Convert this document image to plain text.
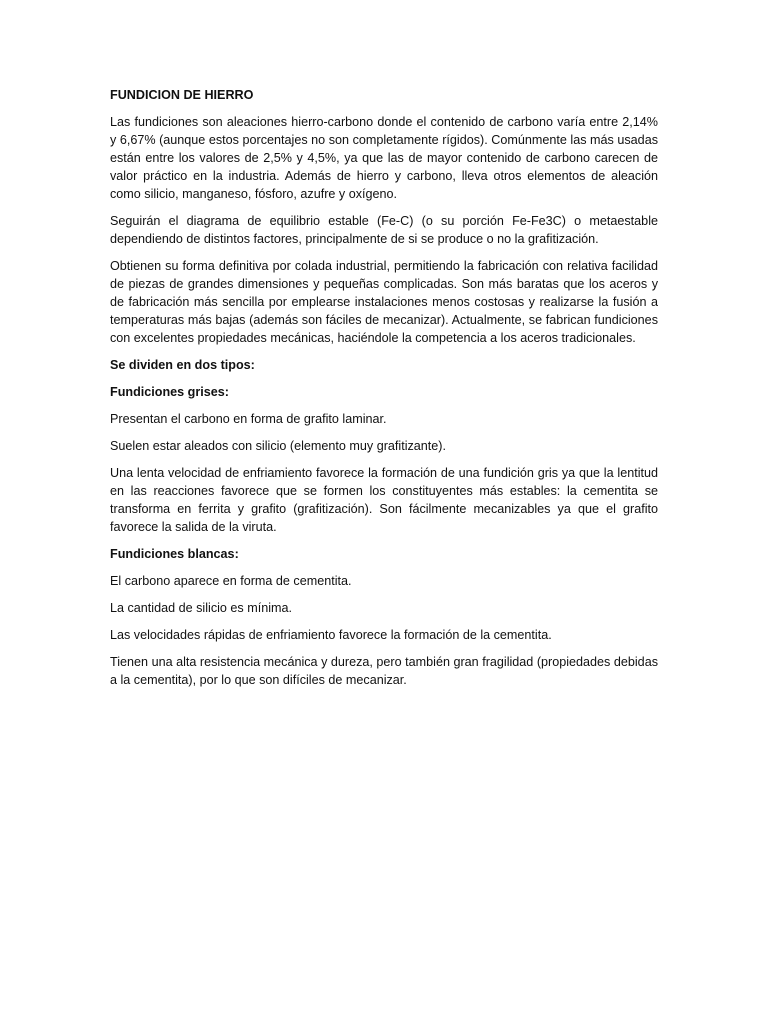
FUNDICION DE HIERRO

Las fundiciones son aleaciones hierro-carbono donde el contenido de carbono varía entre 2,14% y 6,67% (aunque estos porcentajes no son completamente rígidos). Comúnmente las más usadas están entre los valores de 2,5% y 4,5%, ya que las de mayor contenido de carbono carecen de valor práctico en la industria. Además de hierro y carbono, lleva otros elementos de aleación como silicio, manganeso, fósforo, azufre y oxígeno.

Seguirán el diagrama de equilibrio estable (Fe-C) (o su porción Fe-Fe3C) o metaestable dependiendo de distintos factores, principalmente de si se produce o no la grafitización.

Obtienen su forma definitiva por colada industrial, permitiendo la fabricación con relativa facilidad de piezas de grandes dimensiones y pequeñas complicadas. Son más baratas que los aceros y de fabricación más sencilla por emplearse instalaciones menos costosas y realizarse la fusión a temperaturas más bajas (además son fáciles de mecanizar). Actualmente, se fabrican fundiciones con excelentes propiedades mecánicas, haciéndole la competencia a los aceros tradicionales.

Se dividen en dos tipos:

Fundiciones grises:

Presentan el carbono en forma de grafito laminar.

Suelen estar aleados con silicio (elemento muy grafitizante).

Una lenta velocidad de enfriamiento favorece la formación de una fundición gris ya que la lentitud en las reacciones favorece que se formen los constituyentes más estables: la cementita se transforma en ferrita y grafito (grafitización). Son fácilmente mecanizables ya que el grafito favorece la salida de la viruta.

Fundiciones blancas:

El carbono aparece en forma de cementita.

La cantidad de silicio es mínima.

Las velocidades rápidas de enfriamiento favorece la formación de la cementita.

Tienen una alta resistencia mecánica y dureza, pero también gran fragilidad (propiedades debidas a la cementita), por lo que son difíciles de mecanizar.
